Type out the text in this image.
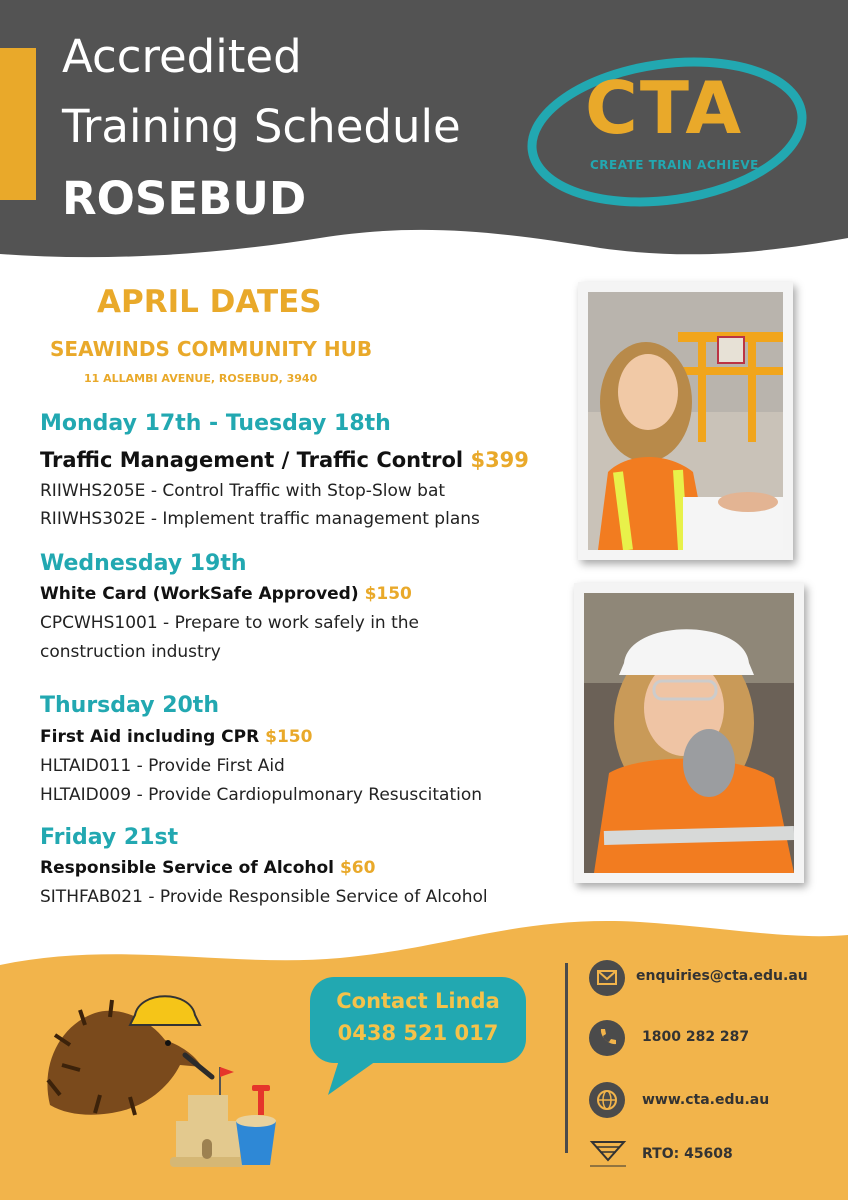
Accredited
Training Schedule
ROSEBUD
CTA
CREATE TRAIN ACHIEVE
APRIL DATES
SEAWINDS COMMUNITY HUB
11 ALLAMBI AVENUE, ROSEBUD, 3940
Monday 17th - Tuesday 18th
Traffic Management / Traffic Control $399
RIIWHS205E - Control Traffic with Stop-Slow bat
RIIWHS302E - Implement traffic management plans
Wednesday 19th
White Card (WorkSafe Approved) $150
CPCWHS1001 - Prepare to work safely in the construction industry
Thursday 20th
First Aid including CPR $150
HLTAID011 - Provide First Aid
HLTAID009 - Provide Cardiopulmonary Resuscitation
Friday 21st
Responsible Service of Alcohol $60
SITHFAB021 - Provide Responsible Service of Alcohol
Contact Linda
0438 521 017
enquiries@cta.edu.au
1800 282 287
www.cta.edu.au
RTO: 45608
